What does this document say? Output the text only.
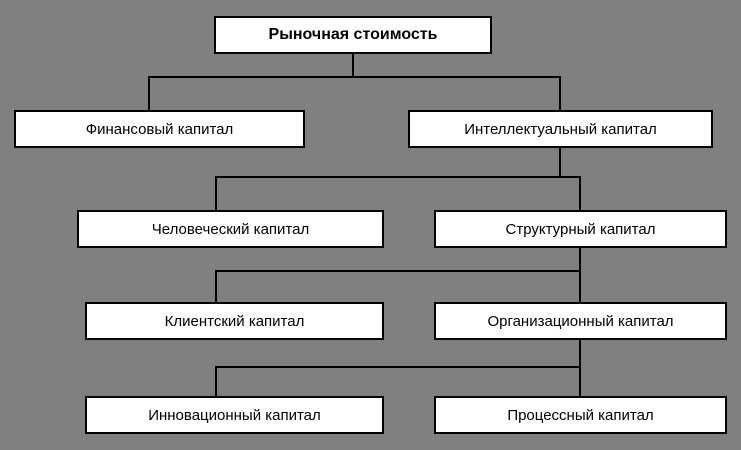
Рыночная стоимость
Финансовый капитал	Интеллектуальный капитал
Человеческий капитал	Структурный капитал
Клиентский капитал	Организационный капитал
Инновационный капитал	Процессный капитал
